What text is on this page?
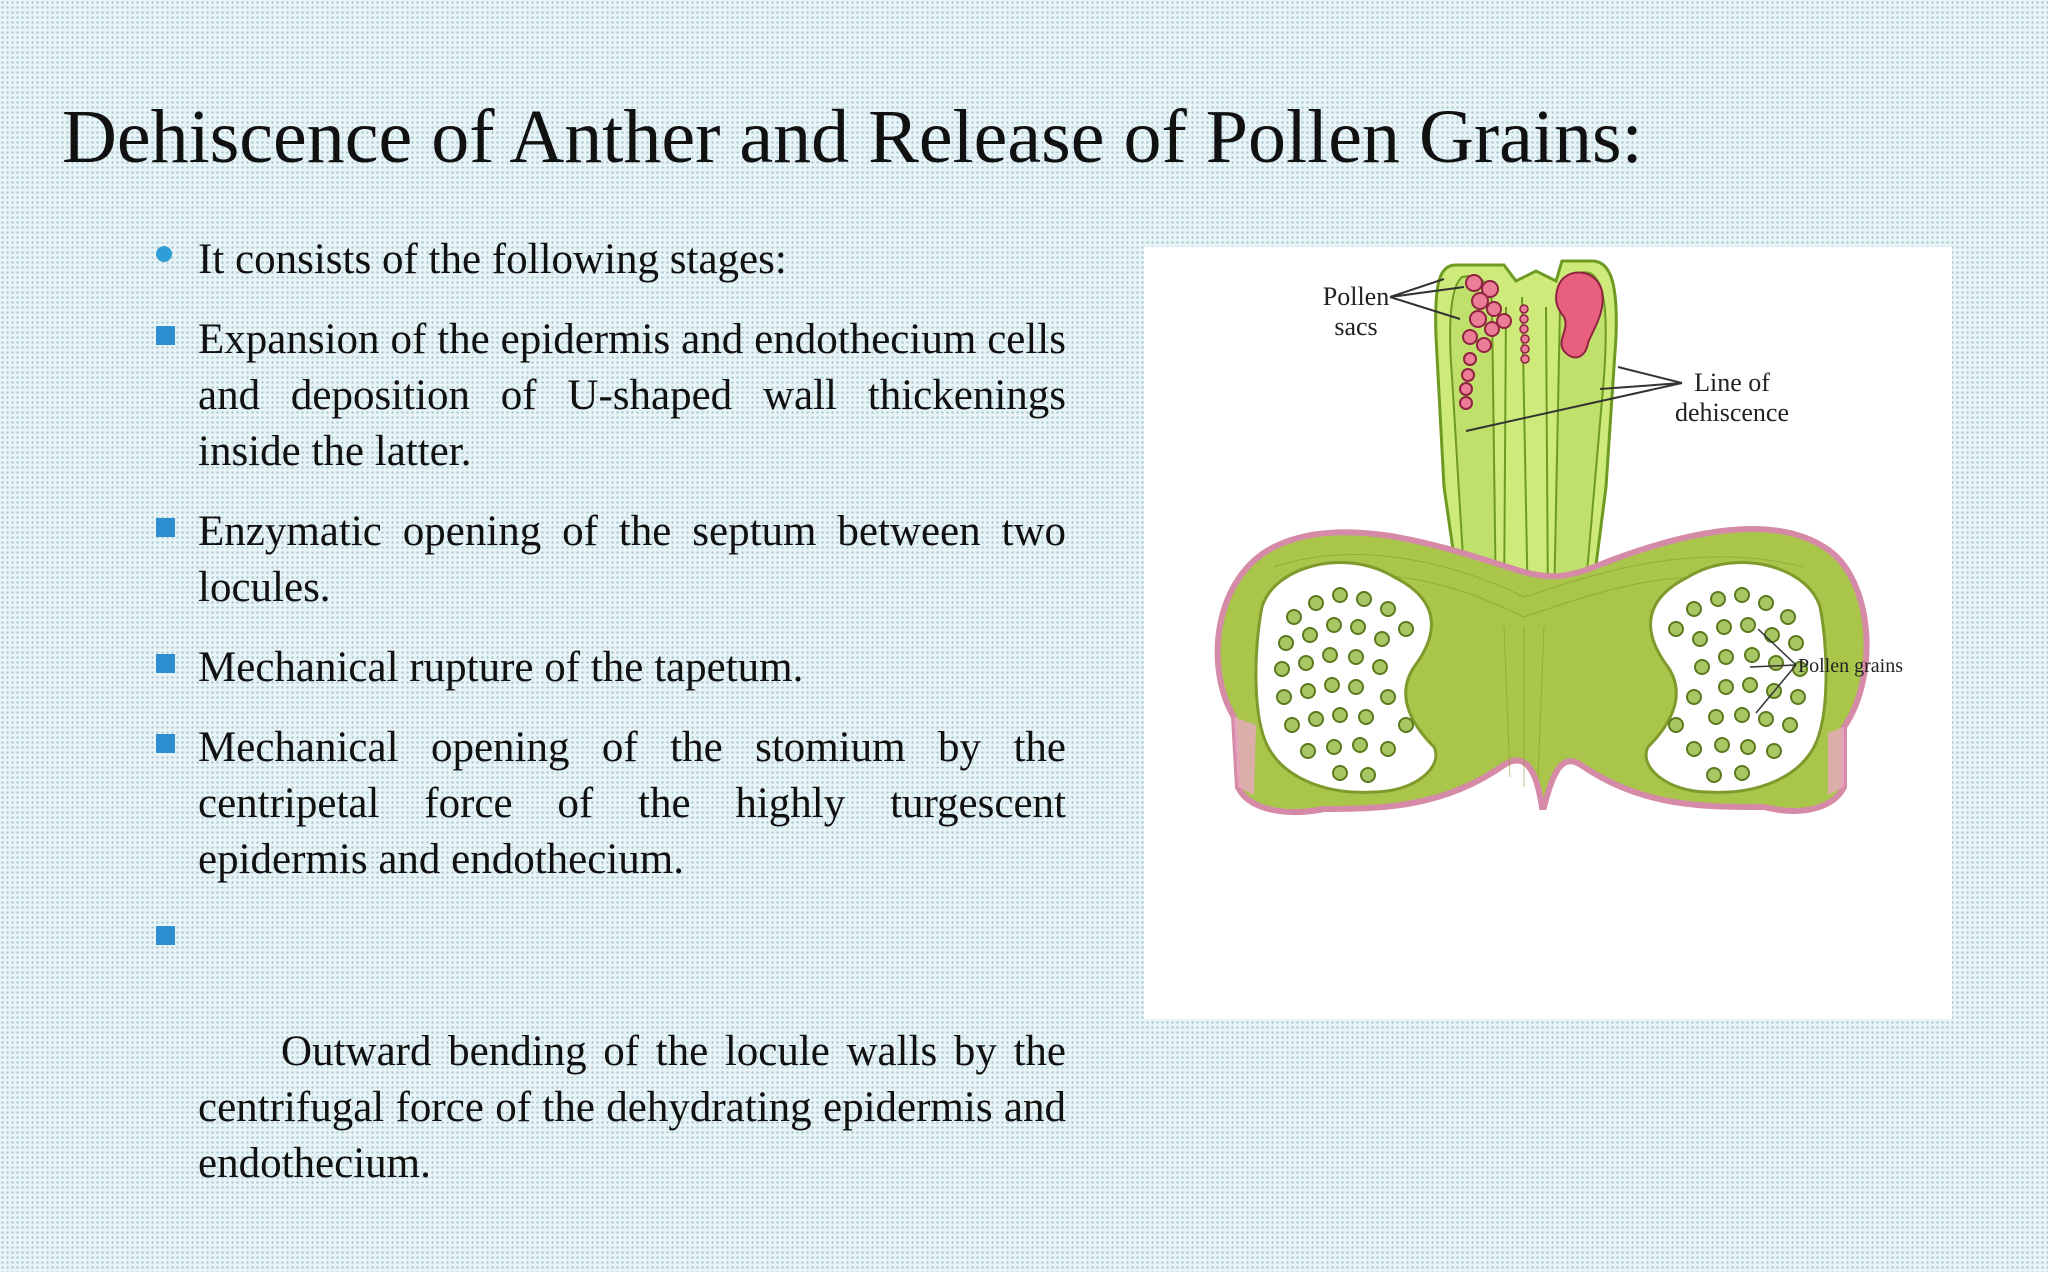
Dehiscence of Anther and Release of Pollen Grains:
It consists of the following stages:
Expansion of the epidermis and endothecium cells and deposition of U-shaped wall thickenings inside the latter.
Enzymatic opening of the septum between two locules.
Mechanical rupture of the tapetum.
Mechanical opening of the stomium by the centripetal force of the highly turgescent epidermis and endothecium.

Outward bending of the locule walls by the centrifugal force of the dehydrating epidermis and endothecium.

Pollen
sacs
Line of
dehiscence
Pollen grains
